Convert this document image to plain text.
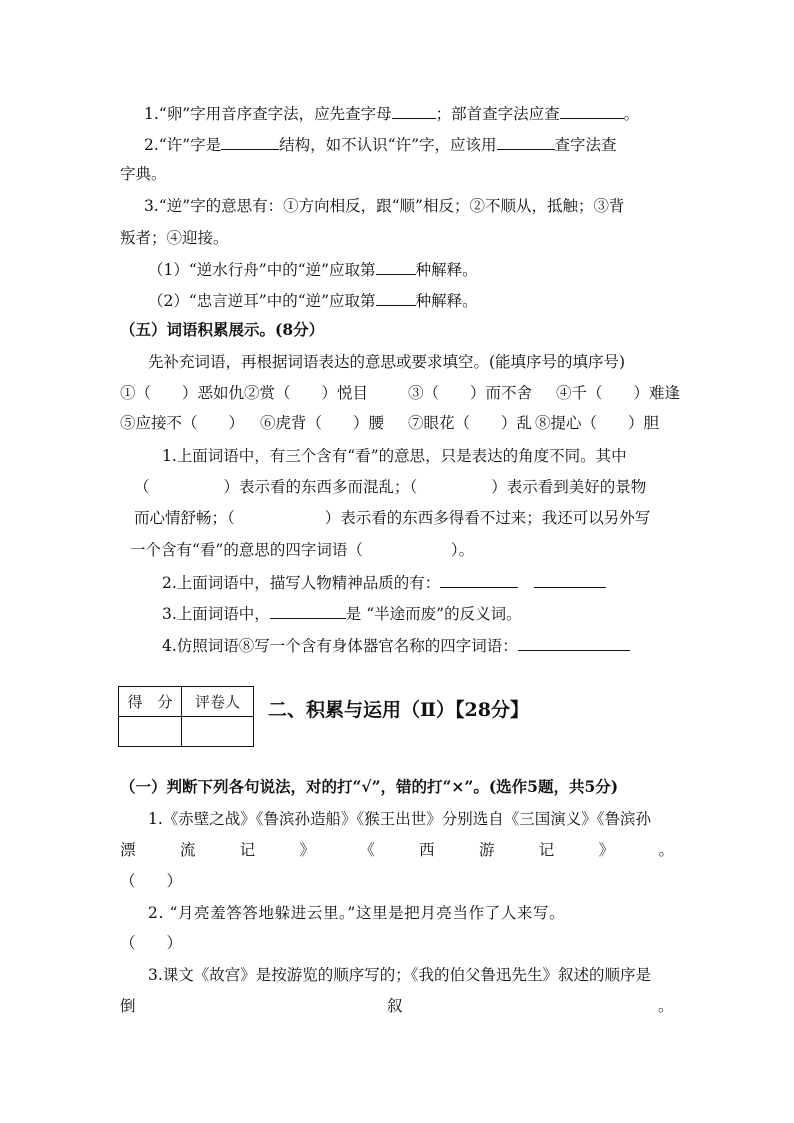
1.“卵”字用音序查字法，应先查字母	；部首查字法应查	。
2.“许”字是	结构，如不认识“许”字，应该用	查字法查
字典。
3.“逆”字的意思有：①方向相反，跟“顺”相反；②不顺从，抵触；③背
叛者；④迎接。
（1）“逆水行舟”中的“逆”应取第	种解释。
（2）“忠言逆耳”中的“逆”应取第	种解释。
（五）词语积累展示。(8分）
先补充词语，再根据词语表达的意思或要求填空。(能填序号的填序号)
①（　　）恶如仇 ②赏（　　）悦目	③（　　）而不舍 ④千（　　）难逢
⑤应接不（　　） ⑥虎背（　　）腰 ⑦眼花（　　）乱 ⑧提心（　　）胆
1.上面词语中，有三个含有“看”的意思，只是表达的角度不同。其中
（	）表示看的东西多而混乱；（	）表示看到美好的景物
而心情舒畅；（	）表示看的东西多得看不过来；我还可以另外写
一个含有“看”的意思的四字词语（	）。
2.上面词语中，描写人物精神品质的有：
3.上面词语中，	是 “半途而废”的反义词。
4.仿照词语⑧写一个含有身体器官名称的四字词语：
得　分	评卷人
	二、积累与运用（Ⅱ）【28分】
（一）判断下列各句说法，对的打“√”，错的打“×”。(选作5题，共5分)
1.《赤壁之战》《鲁滨孙造船》《猴王出世》分别选自《三国演义》《鲁滨孙
漂	流	记	》	《	西	游	记	》	。
（　　）
2. “月亮羞答答地躲进云里。”这里是把月亮当作了人来写。
（　　）
3.课文《故宫》是按游览的顺序写的；《我的伯父鲁迅先生》叙述的顺序是
倒	叙	。
